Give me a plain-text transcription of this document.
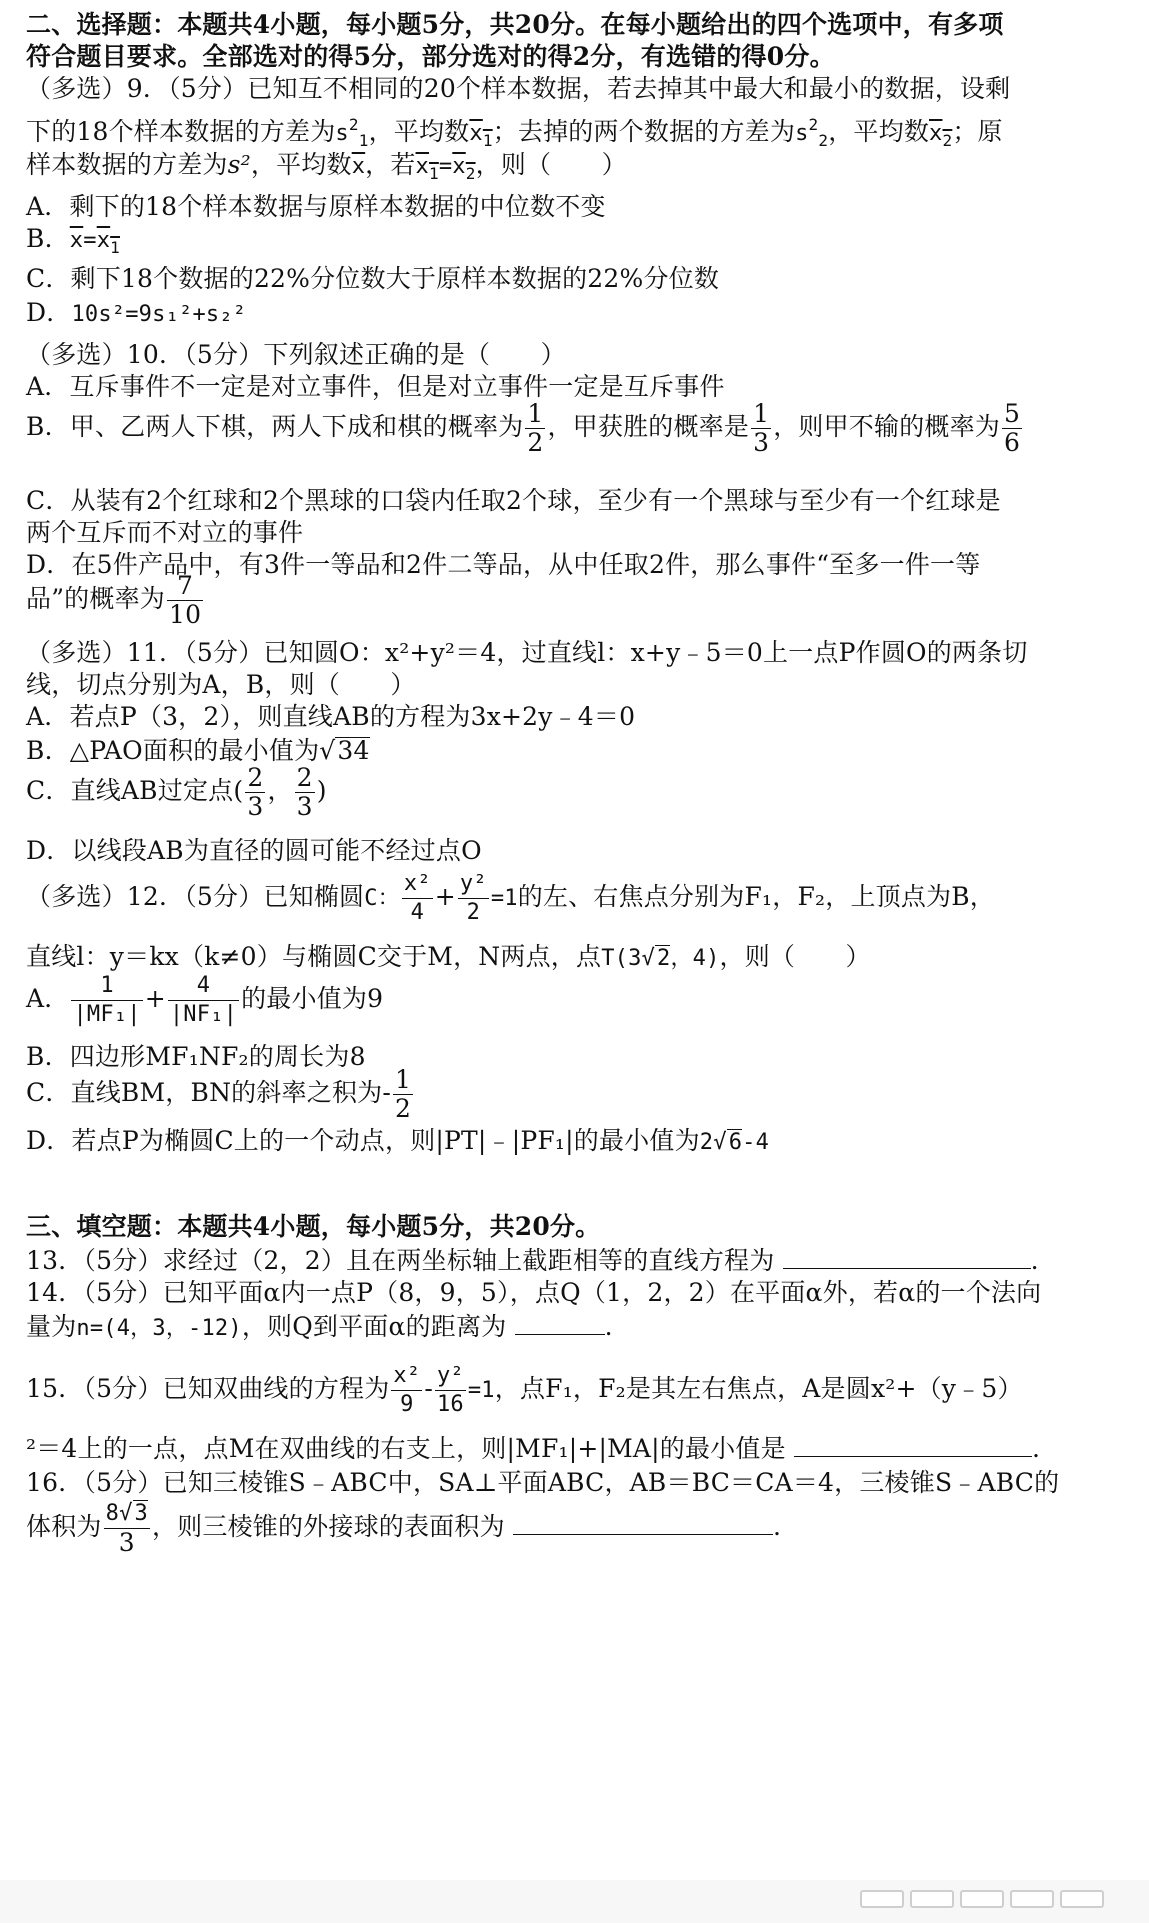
二、选择题：本题共4小题，每小题5分，共20分。在每小题给出的四个选项中，有多项
符合题目要求。全部选对的得5分，部分选对的得2分，有选错的得0分。
（多选）9．（5分）已知互不相同的20个样本数据，若去掉其中最大和最小的数据，设剩
下的18个样本数据的方差为$s^2_1$，平均数$x_1$；去掉的两个数据的方差为$s^2_2$，平均数$x_2$；原
样本数据的方差为s²，平均数$\overline{x}$，若$x_1=x_2$，则（　　）
A．剩下的18个样本数据与原样本数据的中位数不变
B．$\overline{x}=x_1$
C．剩下18个数据的22%分位数大于原样本数据的22%分位数
D．10s²=9s₁²+s₂²
（多选）10．（5分）下列叙述正确的是（　　）
A．互斥事件不一定是对立事件，但是对立事件一定是互斥事件
B．甲、乙两人下棋，两人下成和棋的概率为 $\frac{1}{2}$ ，甲获胜的概率是 $\frac{1}{3}$ ，则甲不输的概率为 $\frac{5}{6}$
C．从装有2个红球和2个黑球的口袋内任取2个球，至少有一个黑球与至少有一个红球是
两个互斥而不对立的事件
D．在5件产品中，有3件一等品和2件二等品，从中任取2件，那么事件“至多一件一等
品”的概率为 $\frac{7}{10}$
（多选）11．（5分）已知圆O：x²+y²＝4，过直线l：x+y﹣5＝0上一点P作圆O的两条切
线，切点分别为A，B，则（　　）
A．若点P（3，2），则直线AB的方程为3x+2y﹣4＝0
B．△PAO面积的最小值为√34
C．直线AB过定点( $\frac{2}{3}$ ， $\frac{2}{3}$ )
D．以线段AB为直径的圆可能不经过点O
（多选）12．（5分）已知椭圆C： $\frac{\text{x²}}{4} + \frac{\text{y²}}{2} =1$的左、右焦点分别为F₁，F₂，上顶点为B，
直线l：y＝kx（k≠0）与椭圆C交于M，N两点，点T(3√2，4)，则（　　）
A． $\frac{1}{\text{|MF₁|}} + \frac{4}{\text{|NF₁|}}$ 的最小值为9
B．四边形MF₁NF₂的周长为8
C．直线BM，BN的斜率之积为- $\frac{1}{2}$
D．若点P为椭圆C上的一个动点，则|PT|﹣|PF₁|的最小值为2√6-4
三、填空题：本题共4小题，每小题5分，共20分。
13．（5分）求经过（2，2）且在两坐标轴上截距相等的直线方程为	.
14．（5分）已知平面α内一点P（8，9，5），点Q（1，2，2）在平面α外，若α的一个法向
量为n=(4，3，-12)，则Q到平面α的距离为	.
15．（5分）已知双曲线的方程为 $\frac{\text{x²}}{9} - \frac{\text{y²}}{16} =1$，点F₁，F₂是其左右焦点，A是圆x²+（y﹣5）
²＝4上的一点，点M在双曲线的右支上，则|MF₁|+|MA|的最小值是	.
16．（5分）已知三棱锥S﹣ABC中，SA⊥平面ABC，AB＝BC＝CA＝4，三棱锥S﹣ABC的
体积为 $\frac{8√3}{3}$ ，则三棱锥的外接球的表面积为	.
